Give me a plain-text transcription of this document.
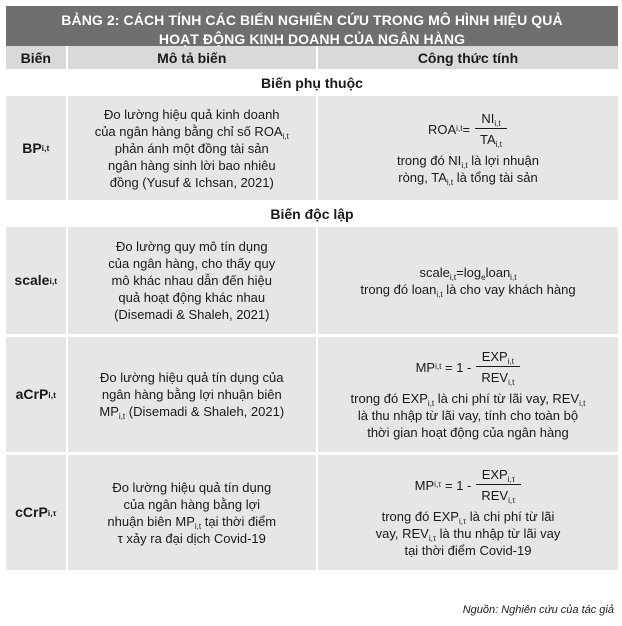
BẢNG 2: CÁCH TÍNH CÁC BIẾN NGHIÊN CỨU TRONG MÔ HÌNH HIỆU QUẢ
HOẠT ĐỘNG KINH DOANH CỦA NGÂN HÀNG
Biến	Mô tả biến	Công thức tính
Biến phụ thuộc
BP i,t
Đo lường hiệu quả kinh doanh
của ngân hàng bằng chỉ số $ROA_{i,t}$
phản ánh một đồng tài sản
ngân hàng sinh lời bao nhiêu
đồng (Yusuf & Ichsan, 2021)
ROA $i,t = \frac{NI_{i,t}}{TA_{i,t}}$
trong đó $NI_{i,t}$ là lợi nhuận
ròng, $TA_{i,t}$ là tổng tài sản
Biến độc lập
scale i,t
Đo lường quy mô tín dụng
của ngân hàng, cho thấy quy
mô khác nhau dẫn đến hiệu
quả hoạt động khác nhau
(Disemadi & Shaleh, 2021)
$scale_{i,t}=\log_eloan_{i,t}$
trong đó loan$_{i,t}$ là cho vay khách hàng
aCrP i,t
Đo lường hiệu quả tín dụng của
ngân hàng bằng lợi nhuận biên
$MP_{i,t}$ (Disemadi & Shaleh, 2021)
MP i,t
= $1 - \frac{EXP_{i,t}}{REV_{i,t}}$
trong đó $EXP_{i,t}$ là chi phí từ lãi vay, $REV_{i,t}$
là thu nhập từ lãi vay, tính cho toàn bộ
thời gian hoạt động của ngân hàng
cCrP i,τ
Đo lường hiệu quả tín dụng
của ngân hàng bằng lợi
nhuận biên $MP_{i,t}$ tại thời điểm
τ xảy ra đại dịch Covid-19
MP i,τ
= $1 - \frac{EXP_{i,\tau}}{REV_{i,\tau}}$
trong đó $EXP_{i,\tau}$ là chi phí từ lãi
vay, $REV_{i,\tau}$ là thu nhập từ lãi vay
tại thời điểm Covid-19
Nguồn: Nghiên cứu của tác giả
